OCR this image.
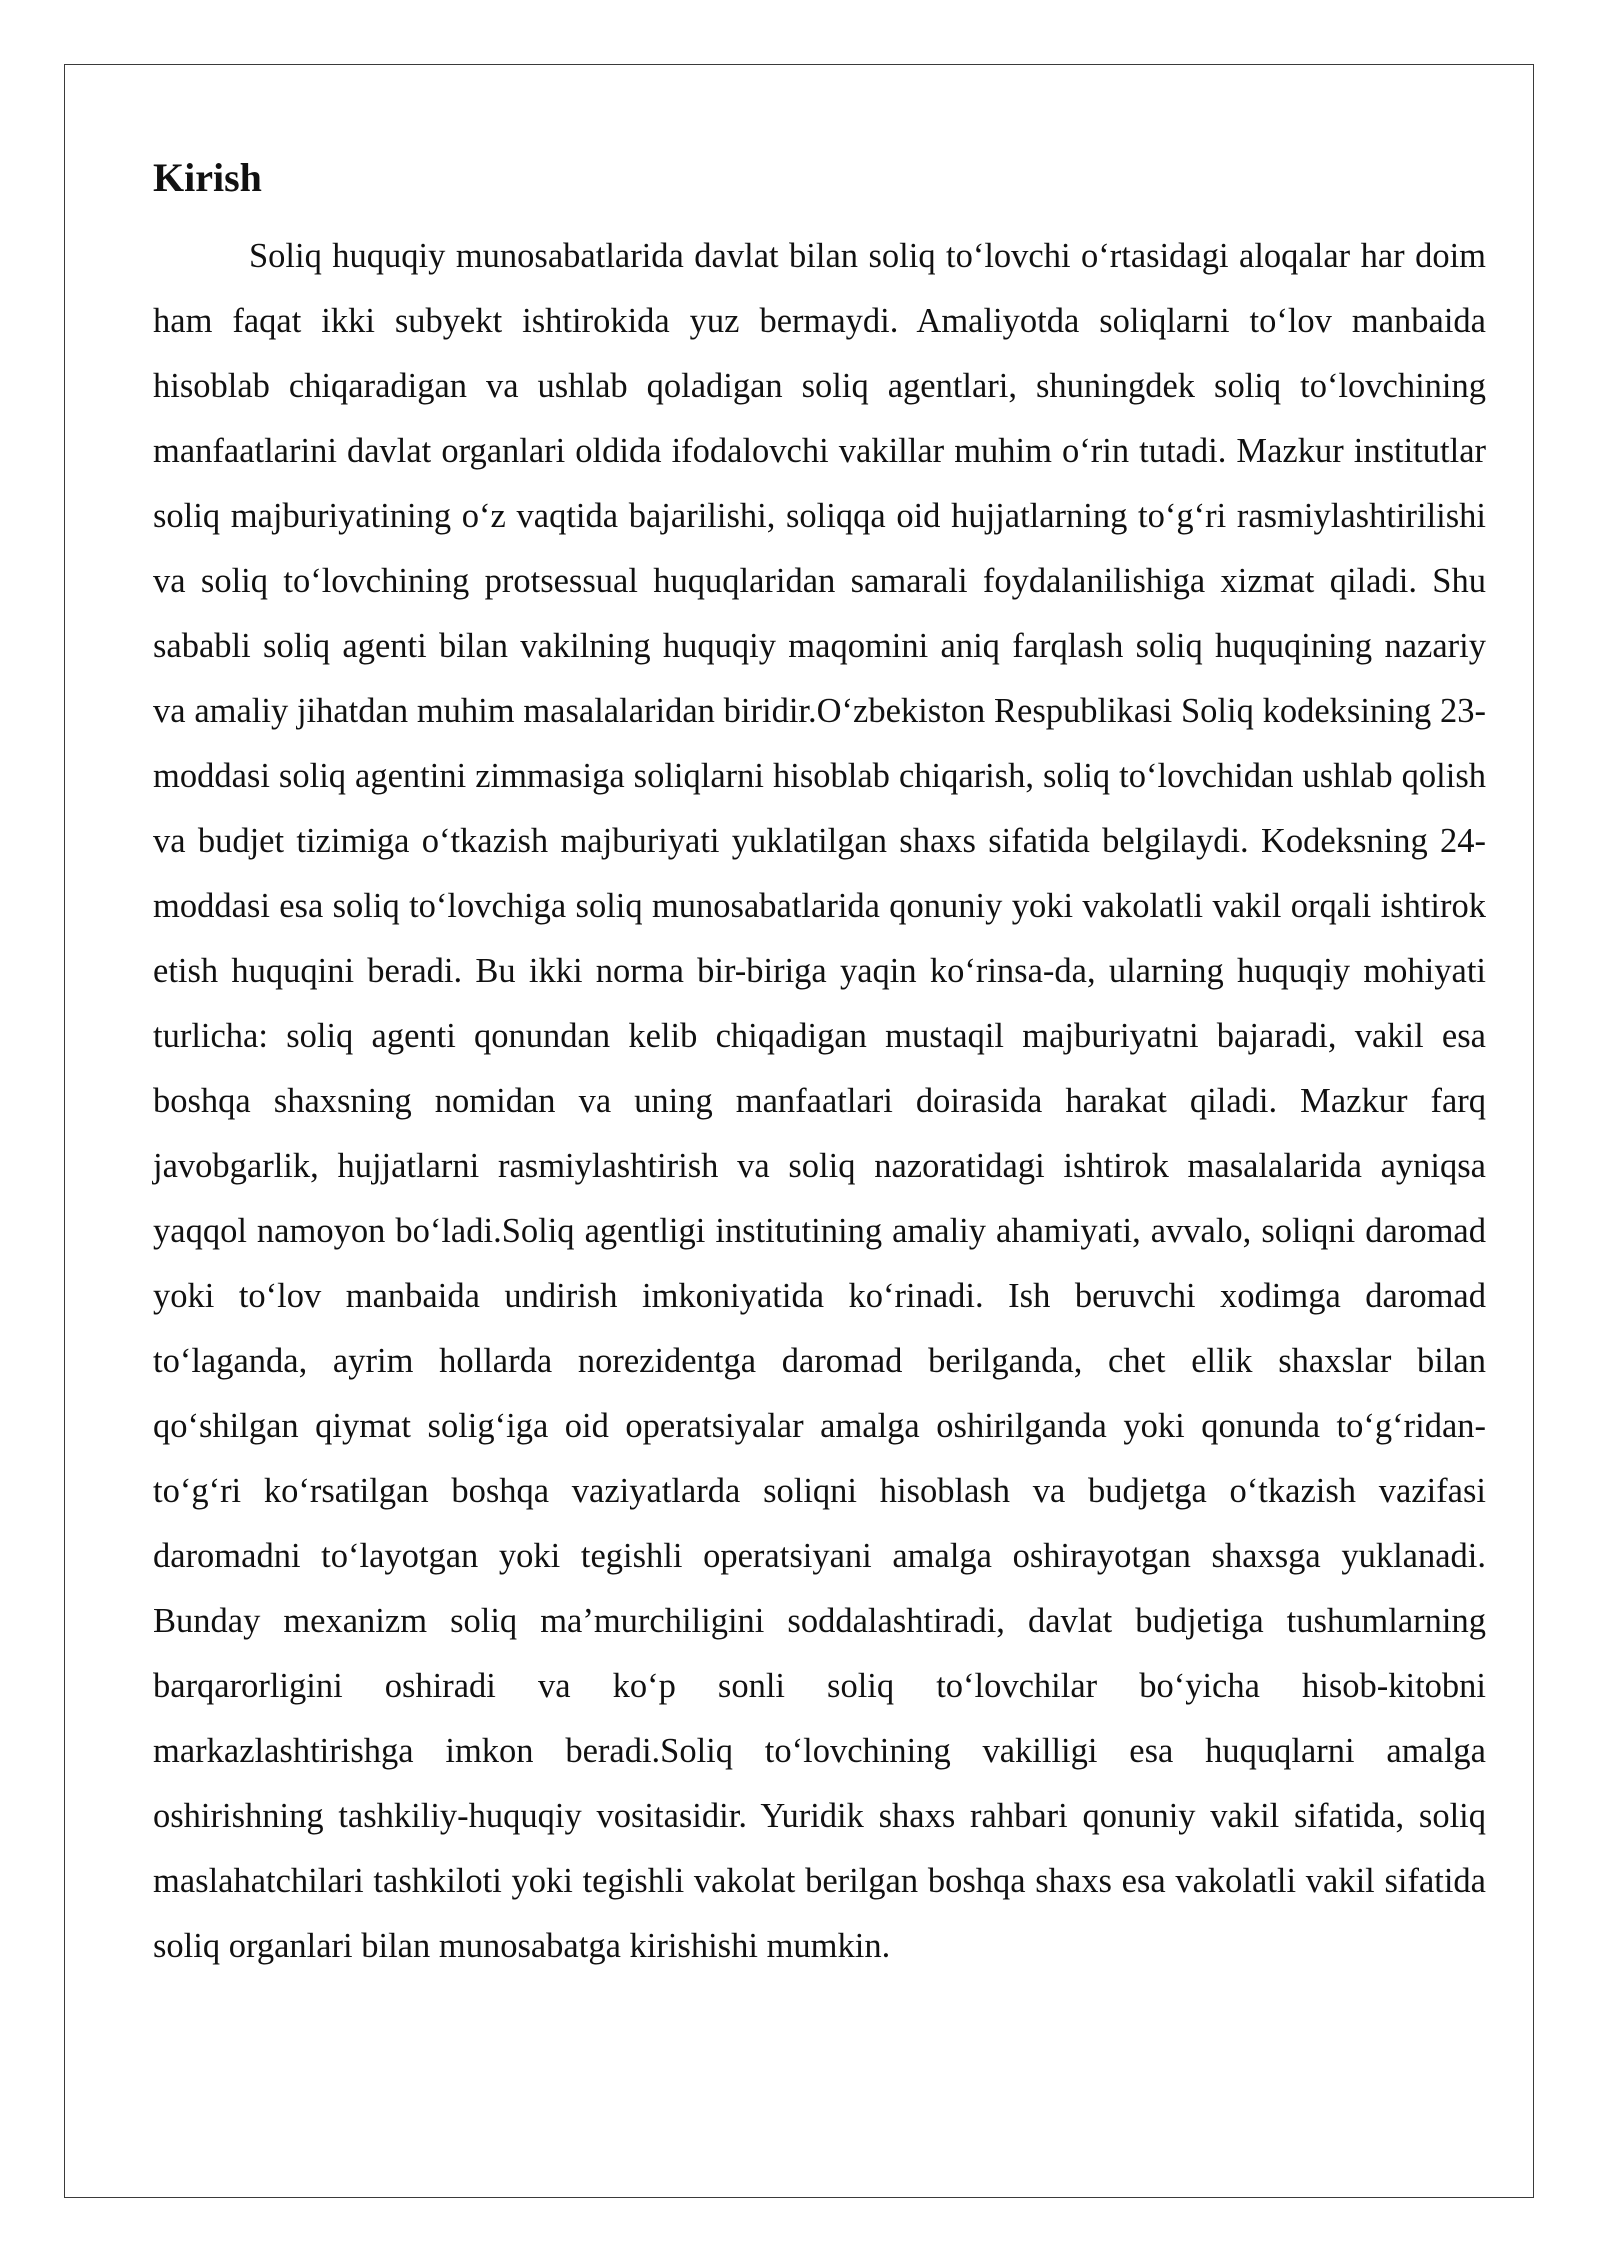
Kirish

Soliq huquqiy munosabatlarida davlat bilan soliq to‘lovchi o‘rtasidagi aloqalar har doim ham faqat ikki subyekt ishtirokida yuz bermaydi. Amaliyotda soliqlarni to‘lov manbaida hisoblab chiqaradigan va ushlab qoladigan soliq agentlari, shuningdek soliq to‘lovchining manfaatlarini davlat organlari oldida ifodalovchi vakillar muhim o‘rin tutadi. Mazkur institutlar soliq majburiyatining o‘z vaqtida bajarilishi, soliqqa oid hujjatlarning to‘g‘ri rasmiylashtirilishi va soliq to‘lovchining protsessual huquqlaridan samarali foydalanilishiga xizmat qiladi. Shu sababli soliq agenti bilan vakilning huquqiy maqomini aniq farqlash soliq huquqining nazariy va amaliy jihatdan muhim masalalaridan biridir.O‘zbekiston Respublikasi Soliq kodeksining 23-moddasi soliq agentini zimmasiga soliqlarni hisoblab chiqarish, soliq to‘lovchidan ushlab qolish va budjet tizimiga o‘tkazish majburiyati yuklatilgan shaxs sifatida belgilaydi. Kodeksning 24-moddasi esa soliq to‘lovchiga soliq munosabatlarida qonuniy yoki vakolatli vakil orqali ishtirok etish huquqini beradi. Bu ikki norma bir-biriga yaqin ko‘rinsa-da, ularning huquqiy mohiyati turlicha: soliq agenti qonundan kelib chiqadigan mustaqil majburiyatni bajaradi, vakil esa boshqa shaxsning nomidan va uning manfaatlari doirasida harakat qiladi. Mazkur farq javobgarlik, hujjatlarni rasmiylashtirish va soliq nazoratidagi ishtirok masalalarida ayniqsa yaqqol namoyon bo‘ladi.Soliq agentligi institutining amaliy ahamiyati, avvalo, soliqni daromad yoki to‘lov manbaida undirish imkoniyatida ko‘rinadi. Ish beruvchi xodimga daromad to‘laganda, ayrim hollarda norezidentga daromad berilganda, chet ellik shaxslar bilan qo‘shilgan qiymat solig‘iga oid operatsiyalar amalga oshirilganda yoki qonunda to‘g‘ridan-to‘g‘ri ko‘rsatilgan boshqa vaziyatlarda soliqni hisoblash va budjetga o‘tkazish vazifasi daromadni to‘layotgan yoki tegishli operatsiyani amalga oshirayotgan shaxsga yuklanadi. Bunday mexanizm soliq ma’murchiligini soddalashtiradi, davlat budjetiga tushumlarning barqarorligini oshiradi va ko‘p sonli soliq to‘lovchilar bo‘yicha hisob-kitobni markazlashtirishga imkon beradi.Soliq to‘lovchining vakilligi esa huquqlarni amalga oshirishning tashkiliy-huquqiy vositasidir. Yuridik shaxs rahbari qonuniy vakil sifatida, soliq maslahatchilari tashkiloti yoki tegishli vakolat berilgan boshqa shaxs esa vakolatli vakil sifatida soliq organlari bilan munosabatga kirishishi mumkin.
